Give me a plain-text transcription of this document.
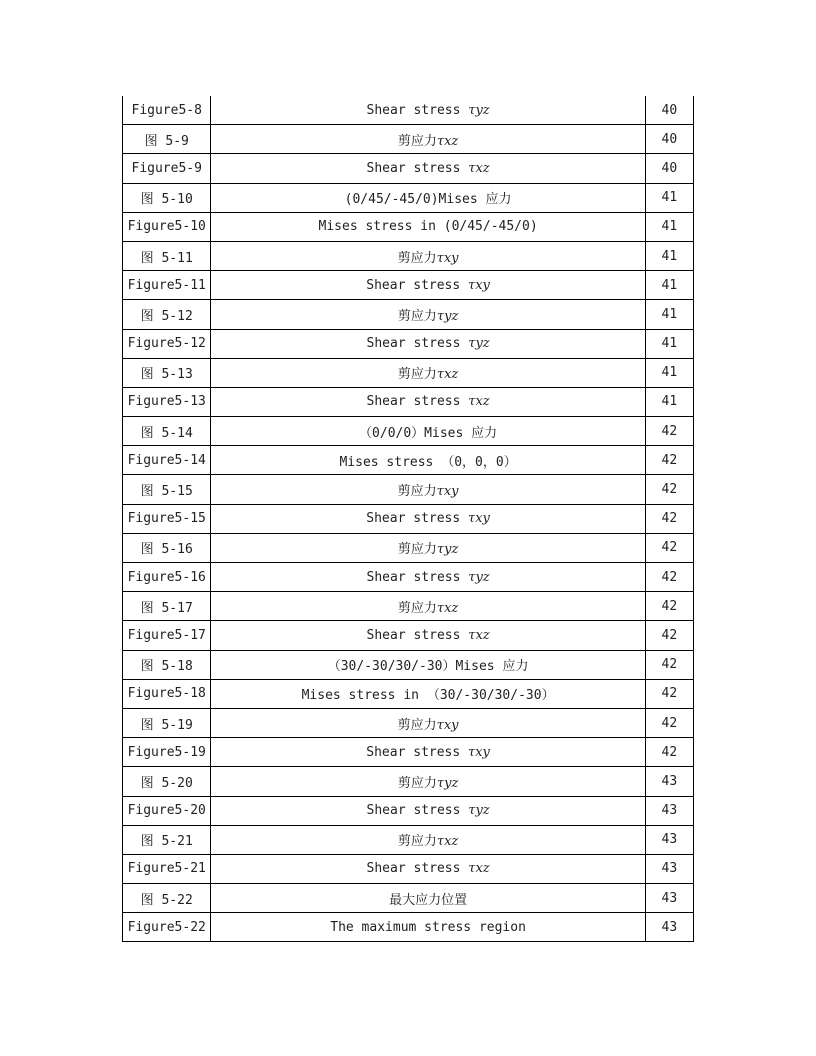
Figure5-8	Shear stress τyz	40
图 5-9	剪应力τxz	40
Figure5-9	Shear stress τxz	40
图 5-10	(0/45/-45/0)Mises 应力	41
Figure5-10	Mises stress in (0/45/-45/0)	41
图 5-11	剪应力τxy	41
Figure5-11	Shear stress τxy	41
图 5-12	剪应力τyz	41
Figure5-12	Shear stress τyz	41
图 5-13	剪应力τxz	41
Figure5-13	Shear stress τxz	41
图 5-14	（0/0/0）Mises 应力	42
Figure5-14	Mises stress （0，0，0）	42
图 5-15	剪应力τxy	42
Figure5-15	Shear stress τxy	42
图 5-16	剪应力τyz	42
Figure5-16	Shear stress τyz	42
图 5-17	剪应力τxz	42
Figure5-17	Shear stress τxz	42
图 5-18	（30/-30/30/-30）Mises 应力	42
Figure5-18	Mises stress in （30/-30/30/-30）	42
图 5-19	剪应力τxy	42
Figure5-19	Shear stress τxy	42
图 5-20	剪应力τyz	43
Figure5-20	Shear stress τyz	43
图 5-21	剪应力τxz	43
Figure5-21	Shear stress τxz	43
图 5-22	最大应力位置	43
Figure5-22	The maximum stress region	43
